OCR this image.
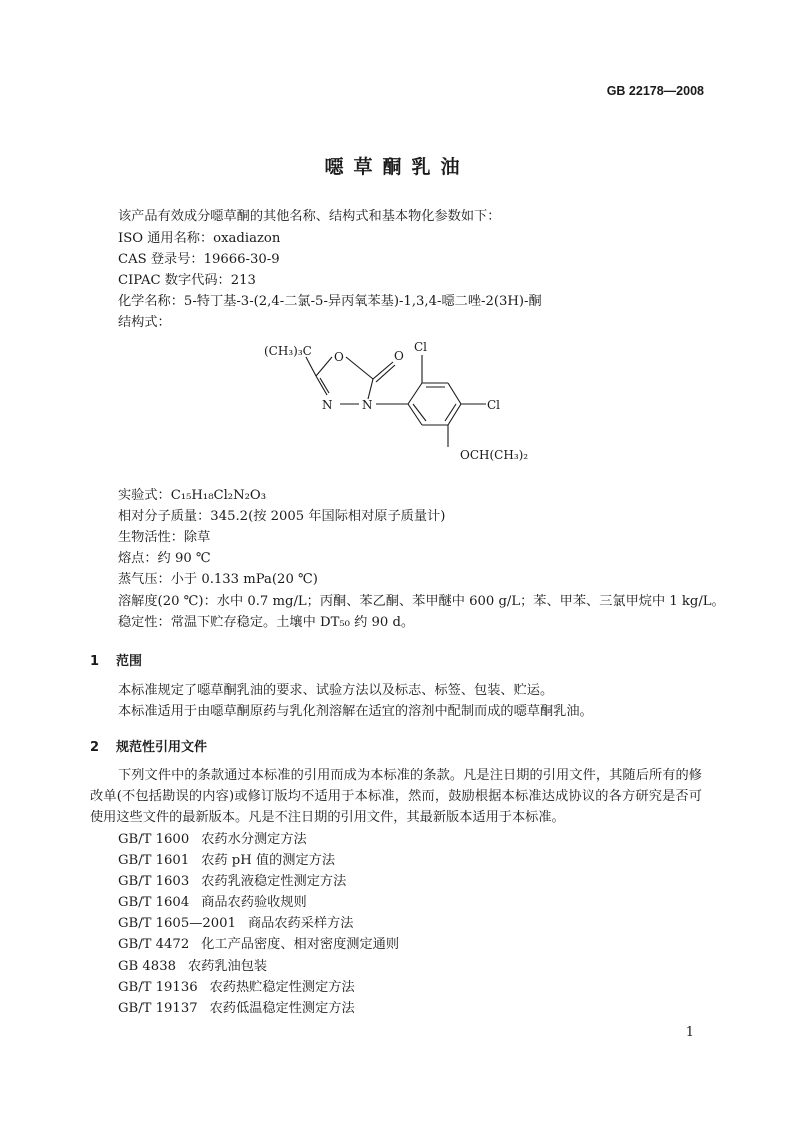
GB 22178—2008
噁草酮乳油
该产品有效成分噁草酮的其他名称、结构式和基本物化参数如下：
ISO 通用名称：oxadiazon
CAS 登录号：19666-30-9
CIPAC 数字代码：213
化学名称：5-特丁基-3-(2,4-二氯-5-异丙氧苯基)-1,3,4-噁二唑-2(3H)-酮
结构式：
(CH₃)₃C O	O
N N
Cl
Cl
OCH(CH₃)₂
实验式：C₁₅H₁₈Cl₂N₂O₃
相对分子质量：345.2(按 2005 年国际相对原子质量计)
生物活性：除草
熔点：约 90 ℃
蒸气压：小于 0.133 mPa(20 ℃)
溶解度(20 ℃)：水中 0.7 mg/L；丙酮、苯乙酮、苯甲醚中 600 g/L；苯、甲苯、三氯甲烷中 1 kg/L。
稳定性：常温下贮存稳定。土壤中 DT₅₀ 约 90 d。
1 范围
本标准规定了噁草酮乳油的要求、试验方法以及标志、标签、包装、贮运。
本标准适用于由噁草酮原药与乳化剂溶解在适宜的溶剂中配制而成的噁草酮乳油。
2 规范性引用文件
下列文件中的条款通过本标准的引用而成为本标准的条款。凡是注日期的引用文件，其随后所有的修改单(不包括勘误的内容)或修订版均不适用于本标准，然而，鼓励根据本标准达成协议的各方研究是否可使用这些文件的最新版本。凡是不注日期的引用文件，其最新版本适用于本标准。
GB/T 1600 农药水分测定方法
GB/T 1601 农药 pH 值的测定方法
GB/T 1603 农药乳液稳定性测定方法
GB/T 1604 商品农药验收规则
GB/T 1605—2001 商品农药采样方法
GB/T 4472 化工产品密度、相对密度测定通则
GB 4838 农药乳油包装
GB/T 19136 农药热贮稳定性测定方法
GB/T 19137 农药低温稳定性测定方法
1
